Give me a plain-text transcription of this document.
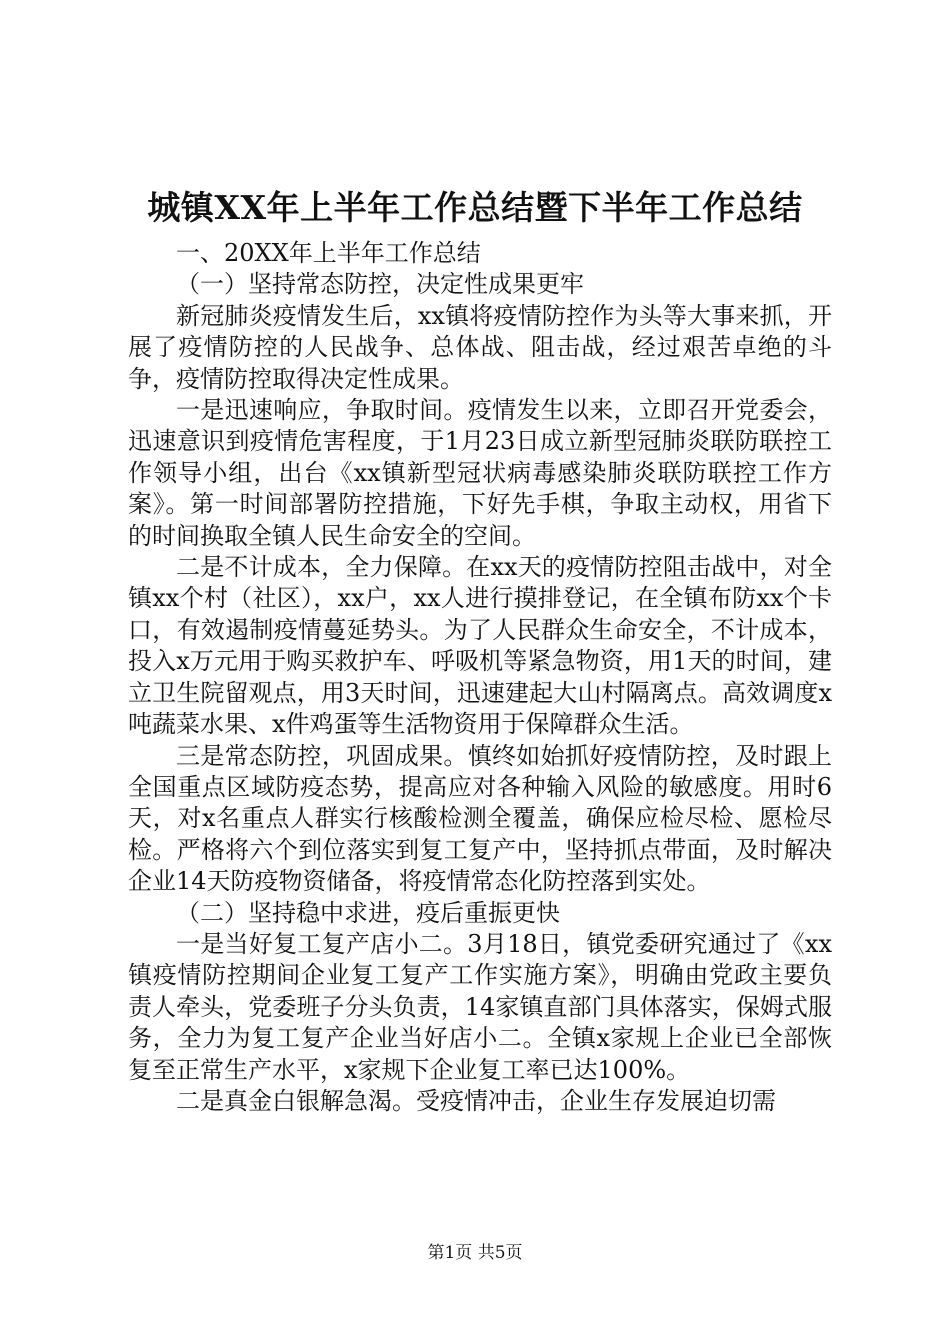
城镇XX年上半年工作总结暨下半年工作总结

一、20XX年上半年工作总结

（一）坚持常态防控，决定性成果更牢

新冠肺炎疫情发生后，xx镇将疫情防控作为头等大事来抓，开展了疫情防控的人民战争、总体战、阻击战，经过艰苦卓绝的斗争，疫情防控取得决定性成果。

一是迅速响应，争取时间。疫情发生以来，立即召开党委会，迅速意识到疫情危害程度，于1月23日成立新型冠肺炎联防联控工作领导小组，出台《xx镇新型冠状病毒感染肺炎联防联控工作方案》。第一时间部署防控措施，下好先手棋，争取主动权，用省下的时间换取全镇人民生命安全的空间。

二是不计成本，全力保障。在xx天的疫情防控阻击战中，对全镇xx个村（社区），xx户，xx人进行摸排登记，在全镇布防xx个卡口，有效遏制疫情蔓延势头。为了人民群众生命安全，不计成本，投入x万元用于购买救护车、呼吸机等紧急物资，用1天的时间，建立卫生院留观点，用3天时间，迅速建起大山村隔离点。高效调度x吨蔬菜水果、x件鸡蛋等生活物资用于保障群众生活。

三是常态防控，巩固成果。慎终如始抓好疫情防控，及时跟上全国重点区域防疫态势，提高应对各种输入风险的敏感度。用时6天，对x名重点人群实行核酸检测全覆盖，确保应检尽检、愿检尽检。严格将六个到位落实到复工复产中，坚持抓点带面，及时解决企业14天防疫物资储备，将疫情常态化防控落到实处。

（二）坚持稳中求进，疫后重振更快

一是当好复工复产店小二。3月18日，镇党委研究通过了《xx镇疫情防控期间企业复工复产工作实施方案》，明确由党政主要负责人牵头，党委班子分头负责，14家镇直部门具体落实，保姆式服务，全力为复工复产企业当好店小二。全镇x家规上企业已全部恢复至正常生产水平，x家规下企业复工率已达100%。

二是真金白银解急渴。受疫情冲击，企业生存发展迫切需

第1页 共5页
